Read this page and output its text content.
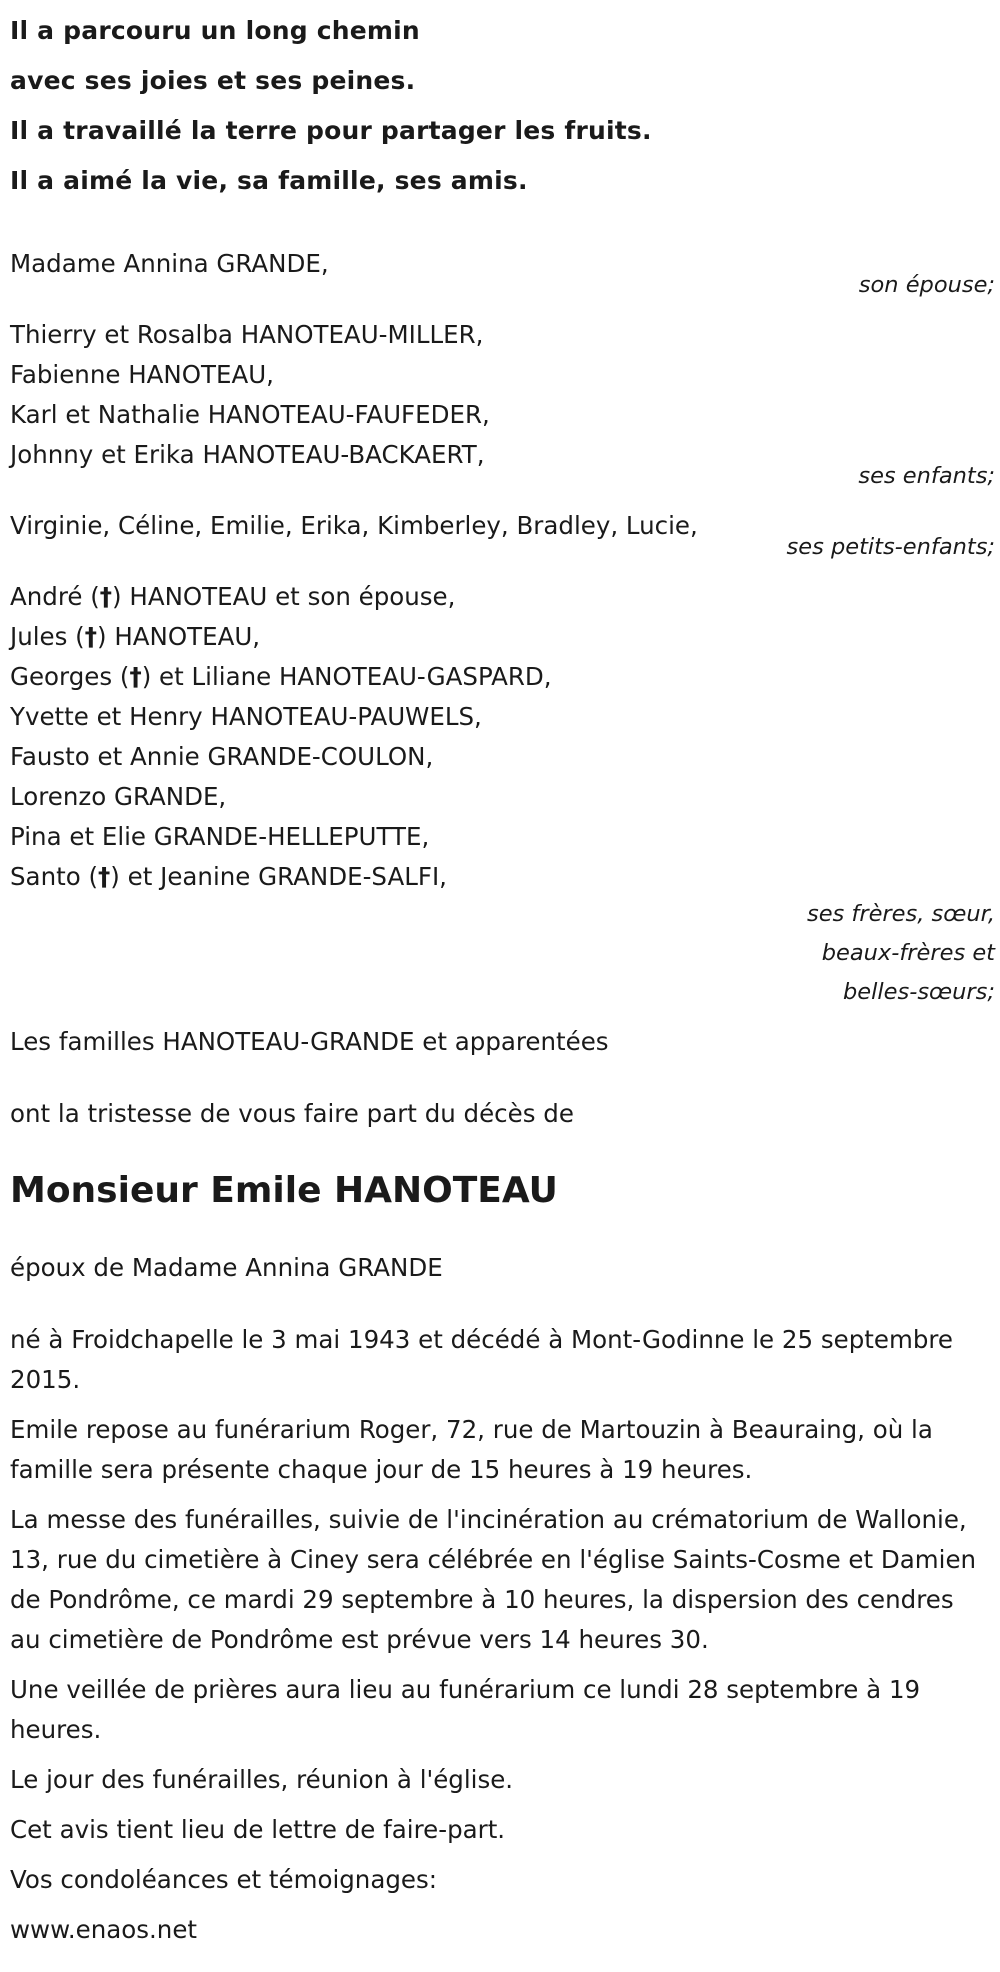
Il a parcouru un long chemin
avec ses joies et ses peines.
Il a travaillé la terre pour partager les fruits.
Il a aimé la vie, sa famille, ses amis.
Madame Annina GRANDE,
son épouse;
Thierry et Rosalba HANOTEAU-MILLER,
Fabienne HANOTEAU,
Karl et Nathalie HANOTEAU-FAUFEDER,
Johnny et Erika HANOTEAU-BACKAERT,
ses enfants;
Virginie, Céline, Emilie, Erika, Kimberley, Bradley, Lucie,
ses petits-enfants;
André (†) HANOTEAU et son épouse,
Jules (†) HANOTEAU,
Georges (†) et Liliane HANOTEAU-GASPARD,
Yvette et Henry HANOTEAU-PAUWELS,
Fausto et Annie GRANDE-COULON,
Lorenzo GRANDE,
Pina et Elie GRANDE-HELLEPUTTE,
Santo (†) et Jeanine GRANDE-SALFI,
ses frères, sœur,
beaux-frères et
belles-sœurs;
Les familles HANOTEAU-GRANDE et apparentées
ont la tristesse de vous faire part du décès de
Monsieur Emile HANOTEAU
époux de Madame Annina GRANDE
né à Froidchapelle le 3 mai 1943 et décédé à Mont-Godinne le 25 septembre 2015.
Emile repose au funérarium Roger, 72, rue de Martouzin à Beauraing, où la famille sera présente chaque jour de 15 heures à 19 heures.
La messe des funérailles, suivie de l'incinération au crématorium de Wallonie, 13, rue du cimetière à Ciney sera célébrée en l'église Saints-Cosme et Damien de Pondrôme, ce mardi 29 septembre à 10 heures, la dispersion des cendres au cimetière de Pondrôme est prévue vers 14 heures 30.
Une veillée de prières aura lieu au funérarium ce lundi 28 septembre à 19 heures.
Le jour des funérailles, réunion à l'église.
Cet avis tient lieu de lettre de faire-part.
Vos condoléances et témoignages:
www.enaos.net
